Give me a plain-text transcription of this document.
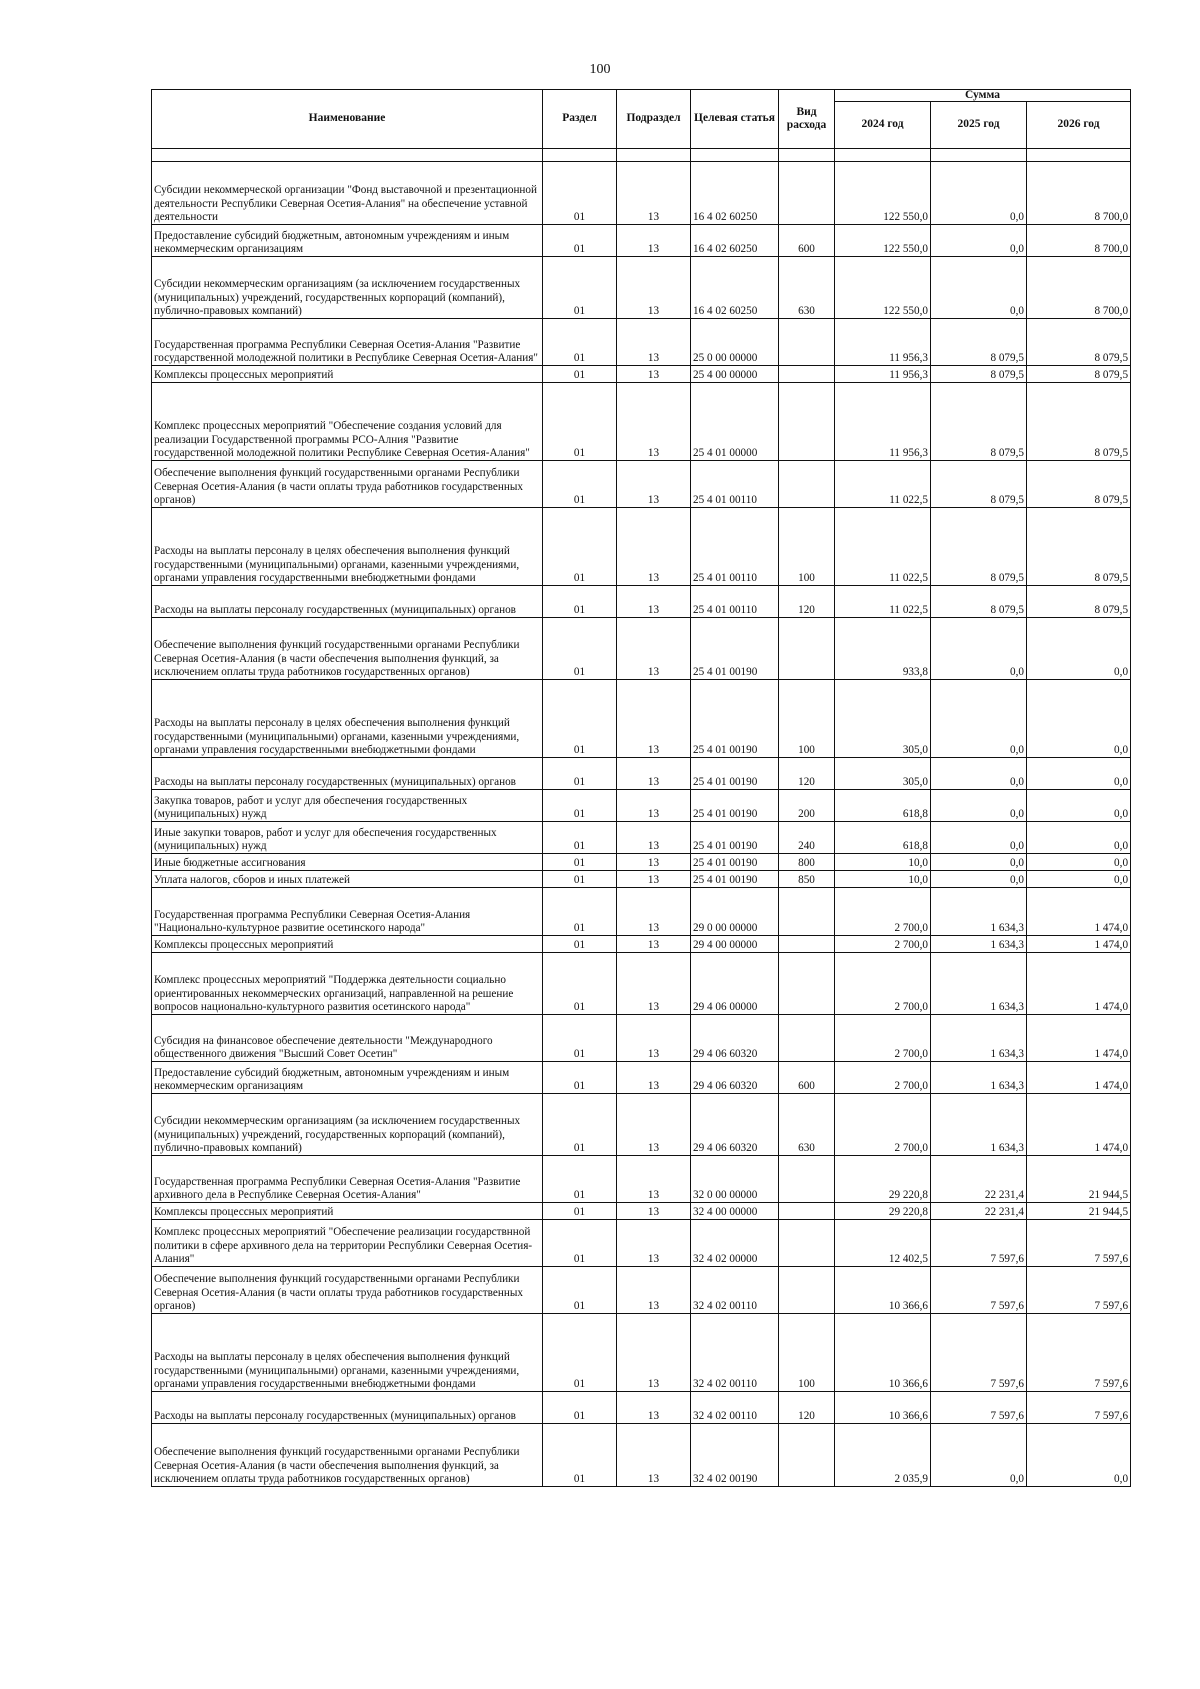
100
Наименование	Раздел	Подраздел	Целевая статья	Вид расхода	Сумма		
					2024 год	2025 год	2026 год

Субсидии некоммерческой организации "Фонд выставочной и презентационной деятельности Республики Северная Осетия-Алания" на обеспечение уставной деятельности	01	13	16 4 02 60250		122 550,0	0,0	8 700,0
Предоставление субсидий бюджетным, автономным учреждениям и иным некоммерческим организациям	01	13	16 4 02 60250	600	122 550,0	0,0	8 700,0
Субсидии некоммерческим организациям (за исключением государственных (муниципальных) учреждений, государственных корпораций (компаний), публично-правовых компаний)	01	13	16 4 02 60250	630	122 550,0	0,0	8 700,0
Государственная программа Республики Северная Осетия-Алания "Развитие государственной молодежной политики в Республике Северная Осетия-Алания"	01	13	25 0 00 00000		11 956,3	8 079,5	8 079,5
Комплексы процессных мероприятий	01	13	25 4 00 00000		11 956,3	8 079,5	8 079,5
Комплекс процессных мероприятий "Обеспечение создания условий для реализации Государственной программы РСО-Алния "Развитие государственной молодежной политики Республике Северная Осетия-Алания"	01	13	25 4 01 00000		11 956,3	8 079,5	8 079,5
Обеспечение выполнения функций государственными органами Республики Северная Осетия-Алания (в части оплаты труда работников государственных органов)	01	13	25 4 01 00110		11 022,5	8 079,5	8 079,5
Расходы на выплаты персоналу в целях обеспечения выполнения функций государственными (муниципальными) органами, казенными учреждениями, органами управления государственными внебюджетными фондами	01	13	25 4 01 00110	100	11 022,5	8 079,5	8 079,5
Расходы на выплаты персоналу государственных (муниципальных) органов	01	13	25 4 01 00110	120	11 022,5	8 079,5	8 079,5
Обеспечение выполнения функций государственными органами Республики Северная Осетия-Алания (в части обеспечения выполнения функций, за исключением оплаты труда работников государственных органов)	01	13	25 4 01 00190		933,8	0,0	0,0
Расходы на выплаты персоналу в целях обеспечения выполнения функций государственными (муниципальными) органами, казенными учреждениями, органами управления государственными внебюджетными фондами	01	13	25 4 01 00190	100	305,0	0,0	0,0
Расходы на выплаты персоналу государственных (муниципальных) органов	01	13	25 4 01 00190	120	305,0	0,0	0,0
Закупка товаров, работ и услуг для обеспечения государственных (муниципальных) нужд	01	13	25 4 01 00190	200	618,8	0,0	0,0
Иные закупки товаров, работ и услуг для обеспечения государственных (муниципальных) нужд	01	13	25 4 01 00190	240	618,8	0,0	0,0
Иные бюджетные ассигнования	01	13	25 4 01 00190	800	10,0	0,0	0,0
Уплата налогов, сборов и иных платежей	01	13	25 4 01 00190	850	10,0	0,0	0,0
Государственная программа Республики Северная Осетия-Алания "Национально-культурное развитие осетинского народа"	01	13	29 0 00 00000		2 700,0	1 634,3	1 474,0
Комплексы процессных мероприятий	01	13	29 4 00 00000		2 700,0	1 634,3	1 474,0
Комплекс процессных мероприятий "Поддержка деятельности социально ориентированных некоммерческих организаций, направленной на решение вопросов национально-культурного развития осетинского народа"	01	13	29 4 06 00000		2 700,0	1 634,3	1 474,0
Субсидия на финансовое обеспечение деятельности "Международного общественного движения "Высший Совет Осетин"	01	13	29 4 06 60320		2 700,0	1 634,3	1 474,0
Предоставление субсидий бюджетным, автономным учреждениям и иным некоммерческим организациям	01	13	29 4 06 60320	600	2 700,0	1 634,3	1 474,0
Субсидии некоммерческим организациям (за исключением государственных (муниципальных) учреждений, государственных корпораций (компаний), публично-правовых компаний)	01	13	29 4 06 60320	630	2 700,0	1 634,3	1 474,0
Государственная программа Республики Северная Осетия-Алания "Развитие архивного дела в Республике Северная Осетия-Алания"	01	13	32 0 00 00000		29 220,8	22 231,4	21 944,5
Комплексы процессных мероприятий	01	13	32 4 00 00000		29 220,8	22 231,4	21 944,5
Комплекс процессных мероприятий "Обеспечение реализации государствнной политики в сфере архивного дела на территории Республики Северная Осетия-Алания"	01	13	32 4 02 00000		12 402,5	7 597,6	7 597,6
Обеспечение выполнения функций государственными органами Республики Северная Осетия-Алания (в части оплаты труда работников государственных органов)	01	13	32 4 02 00110		10 366,6	7 597,6	7 597,6
Расходы на выплаты персоналу в целях обеспечения выполнения функций государственными (муниципальными) органами, казенными учреждениями, органами управления государственными внебюджетными фондами	01	13	32 4 02 00110	100	10 366,6	7 597,6	7 597,6
Расходы на выплаты персоналу государственных (муниципальных) органов	01	13	32 4 02 00110	120	10 366,6	7 597,6	7 597,6
Обеспечение выполнения функций государственными органами Республики Северная Осетия-Алания (в части обеспечения выполнения функций, за исключением оплаты труда работников государственных органов)	01	13	32 4 02 00190		2 035,9	0,0	0,0
